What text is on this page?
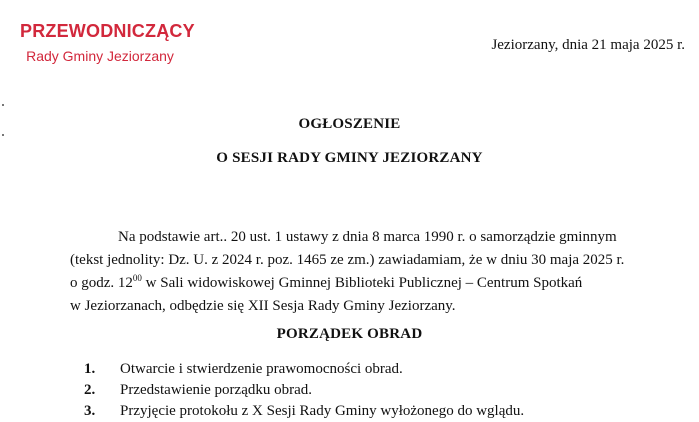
PRZEWODNICZĄCY
Rady Gminy Jeziorzany
Jeziorzany, dnia 21 maja 2025 r.
OGŁOSZENIE
O SESJI RADY GMINY JEZIORZANY
Na podstawie art.. 20 ust. 1 ustawy z dnia 8 marca 1990 r. o samorządzie gminnym
(tekst jednolity: Dz. U. z 2024 r. poz. 1465 ze zm.) zawiadamiam, że w dniu 30 maja 2025 r.
o godz. $12^{00}$ w Sali widowiskowej Gminnej Biblioteki Publicznej – Centrum Spotkań
w Jeziorzanach, odbędzie się XII Sesja Rady Gminy Jeziorzany.
PORZĄDEK OBRAD
1.	Otwarcie i stwierdzenie prawomocności obrad.
2.	Przedstawienie porządku obrad.
3.	Przyjęcie protokołu z X Sesji Rady Gminy wyłożonego do wglądu.
